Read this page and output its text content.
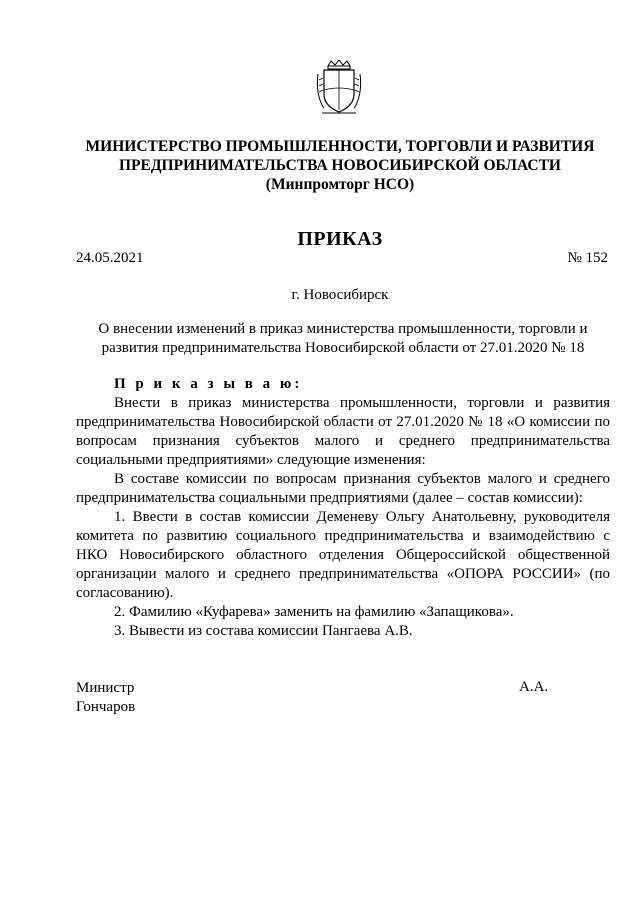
МИНИСТЕРСТВО ПРОМЫШЛЕННОСТИ, ТОРГОВЛИ И РАЗВИТИЯ
ПРЕДПРИНИМАТЕЛЬСТВА НОВОСИБИРСКОЙ ОБЛАСТИ
(Минпромторг НСО)
ПРИКАЗ
24.05.2021	№ 152
г. Новосибирск
О внесении изменений в приказ министерства промышленности, торговли и развития предпринимательства Новосибирской области от 27.01.2020 № 18

П р и к а з ы в а ю:

Внести в приказ министерства промышленности, торговли и развития предпринимательства Новосибирской области от 27.01.2020 № 18 «О комиссии по вопросам признания субъектов малого и среднего предпринимательства социальными предприятиями» следующие изменения:

В составе комиссии по вопросам признания субъектов малого и среднего предпринимательства социальными предприятиями (далее – состав комиссии):

1. Ввести в состав комиссии Деменеву Ольгу Анатольевну, руководителя комитета по развитию социального предпринимательства и взаимодействию с НКО Новосибирского областного отделения Общероссийской общественной организации малого и среднего предпринимательства «ОПОРА РОССИИ» (по согласованию).

2. Фамилию «Куфарева» заменить на фамилию «Запащикова».

3. Вывести из состава комиссии Пангаева А.В.

Министр
Гончаров
А.А.
